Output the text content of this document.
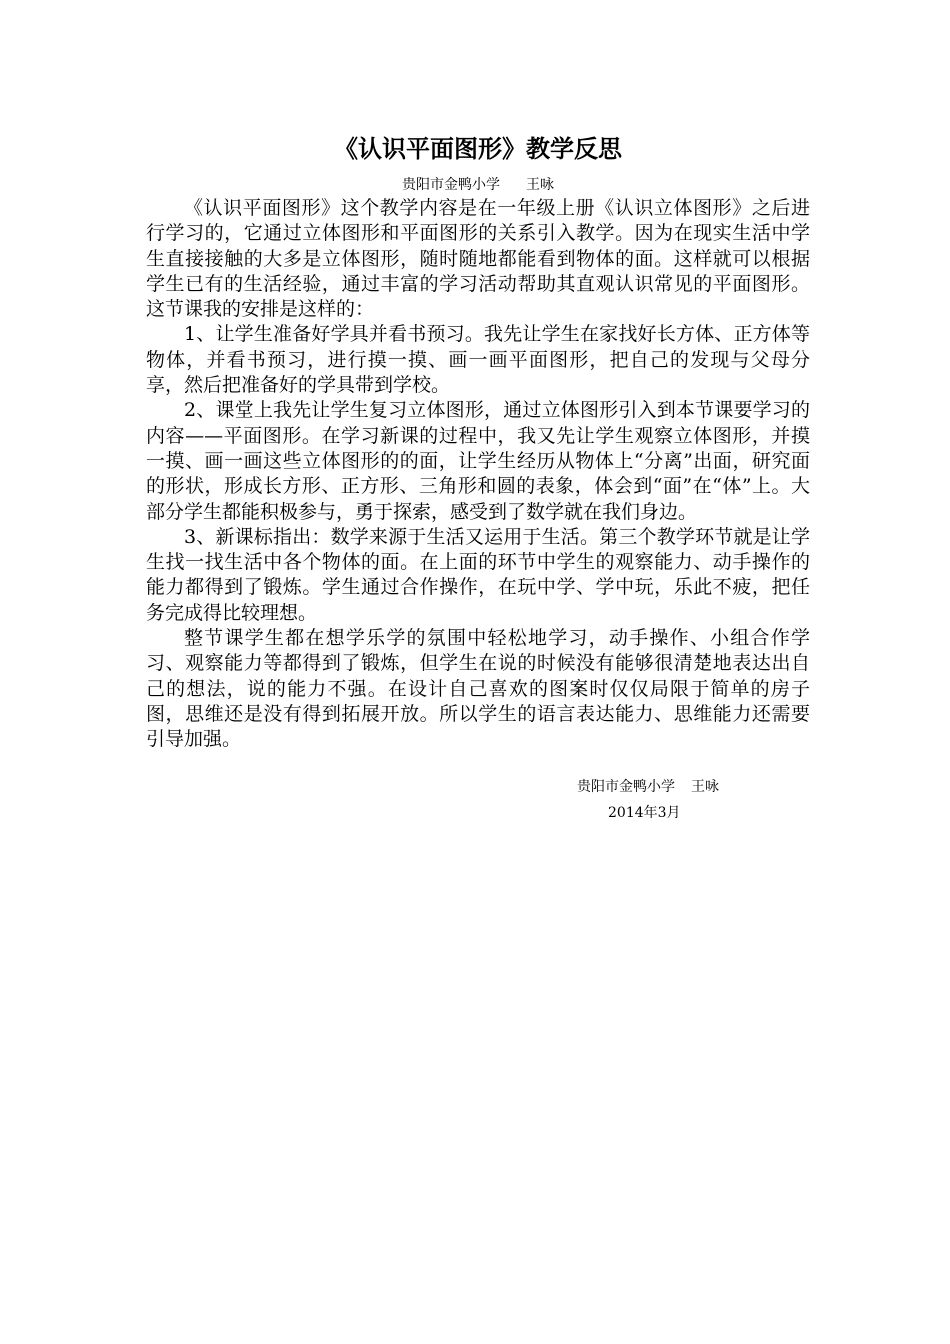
《认识平面图形》教学反思
贵阳市金鸭小学 王咏

《认识平面图形》这个教学内容是在一年级上册《认识立体图形》之后进行学习的，它通过立体图形和平面图形的关系引入教学。因为在现实生活中学生直接接触的大多是立体图形，随时随地都能看到物体的面。这样就可以根据学生已有的生活经验，通过丰富的学习活动帮助其直观认识常见的平面图形。这节课我的安排是这样的：

1、让学生准备好学具并看书预习。我先让学生在家找好长方体、正方体等物体，并看书预习，进行摸一摸、画一画平面图形，把自己的发现与父母分享，然后把准备好的学具带到学校。

2、课堂上我先让学生复习立体图形，通过立体图形引入到本节课要学习的内容——平面图形。在学习新课的过程中，我又先让学生观察立体图形，并摸一摸、画一画这些立体图形的的面，让学生经历从物体上“分离”出面，研究面的形状，形成长方形、正方形、三角形和圆的表象，体会到“面”在“体”上。大部分学生都能积极参与，勇于探索，感受到了数学就在我们身边。

3、新课标指出：数学来源于生活又运用于生活。第三个教学环节就是让学生找一找生活中各个物体的面。在上面的环节中学生的观察能力、动手操作的能力都得到了锻炼。学生通过合作操作，在玩中学、学中玩，乐此不疲，把任务完成得比较理想。

整节课学生都在想学乐学的氛围中轻松地学习，动手操作、小组合作学习、观察能力等都得到了锻炼，但学生在说的时候没有能够很清楚地表达出自己的想法，说的能力不强。在设计自己喜欢的图案时仅仅局限于简单的房子图，思维还是没有得到拓展开放。所以学生的语言表达能力、思维能力还需要引导加强。

贵阳市金鸭小学 王咏
2014年3月
